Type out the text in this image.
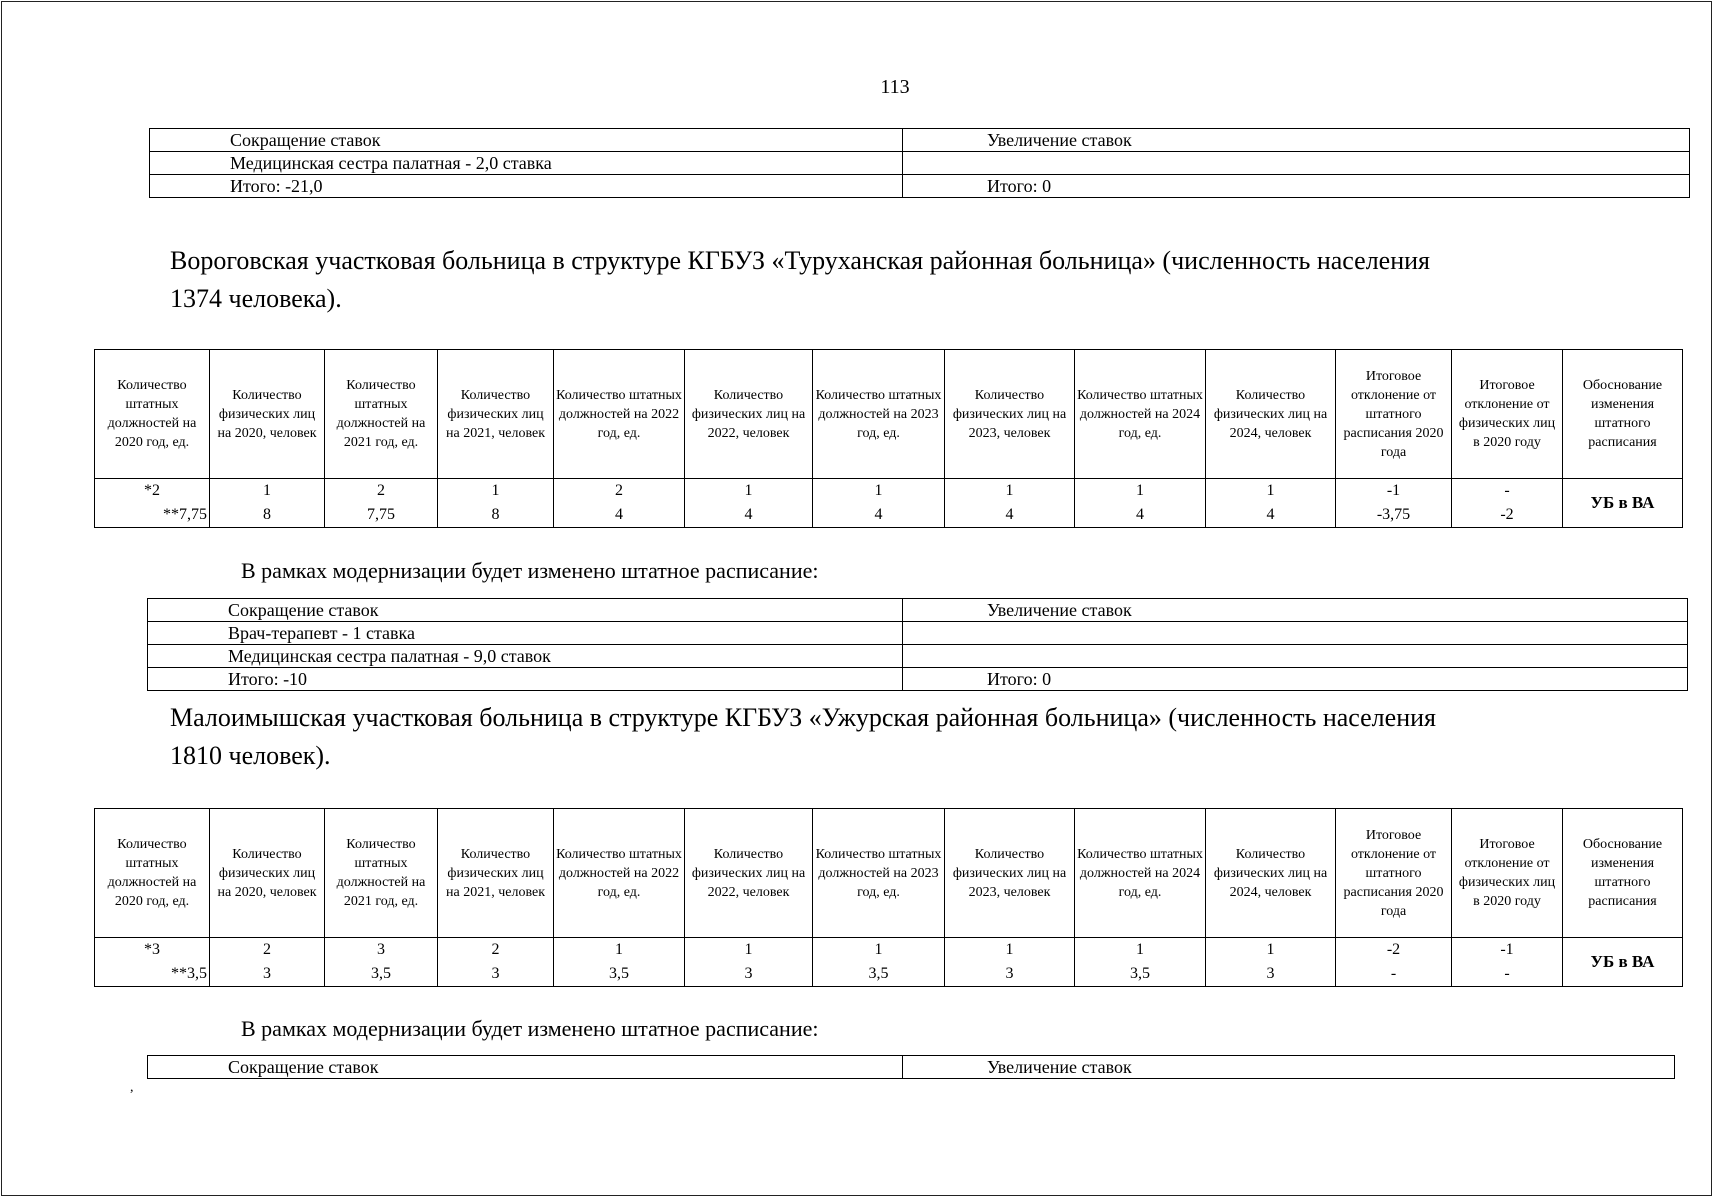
113
Сокращение ставок	Увеличение ставок
Медицинская сестра палатная - 2,0 ставка	
Итого: -21,0	Итого: 0
Вороговская участковая больница в структуре КГБУЗ «Туруханская районная больница» (численность населения
1374 человека).
Количество штатных должностей на 2020 год, ед.	Количество физических лиц на 2020, человек	Количество штатных должностей на 2021 год, ед.	Количество физических лиц на 2021, человек	Количество штатных должностей на 2022 год, ед.	Количество физических лиц на 2022, человек	Количество штатных должностей на 2023 год, ед.	Количество физических лиц на 2023, человек	Количество штатных должностей на 2024 год, ед.	Количество физических лиц на 2024, человек	Итоговое отклонение от штатного расписания 2020 года	Итоговое отклонение от физических лиц в 2020 году	Обоснование изменения штатного расписания
*2	1	2	1	2	1	1	1	1	1	-1	-	УБ в ВА
**7,75	8	7,75	8	4	4	4	4	4	4	-3,75	-2	
В рамках модернизации будет изменено штатное расписание:
Сокращение ставок	Увеличение ставок
Врач-терапевт - 1 ставка	
Медицинская сестра палатная - 9,0 ставок	
Итого: -10	Итого: 0
Малоимышская участковая больница в структуре КГБУЗ «Ужурская районная больница» (численность населения
1810 человек).
Количество штатных должностей на 2020 год, ед.	Количество физических лиц на 2020, человек	Количество штатных должностей на 2021 год, ед.	Количество физических лиц на 2021, человек	Количество штатных должностей на 2022 год, ед.	Количество физических лиц на 2022, человек	Количество штатных должностей на 2023 год, ед.	Количество физических лиц на 2023, человек	Количество штатных должностей на 2024 год, ед.	Количество физических лиц на 2024, человек	Итоговое отклонение от штатного расписания 2020 года	Итоговое отклонение от физических лиц в 2020 году	Обоснование изменения штатного расписания
*3	2	3	2	1	1	1	1	1	1	-2	-1	УБ в ВА
**3,5	3	3,5	3	3,5	3	3,5	3	3,5	3	-	-	
В рамках модернизации будет изменено штатное расписание:
Сокращение ставок	Увеличение ставок
,
